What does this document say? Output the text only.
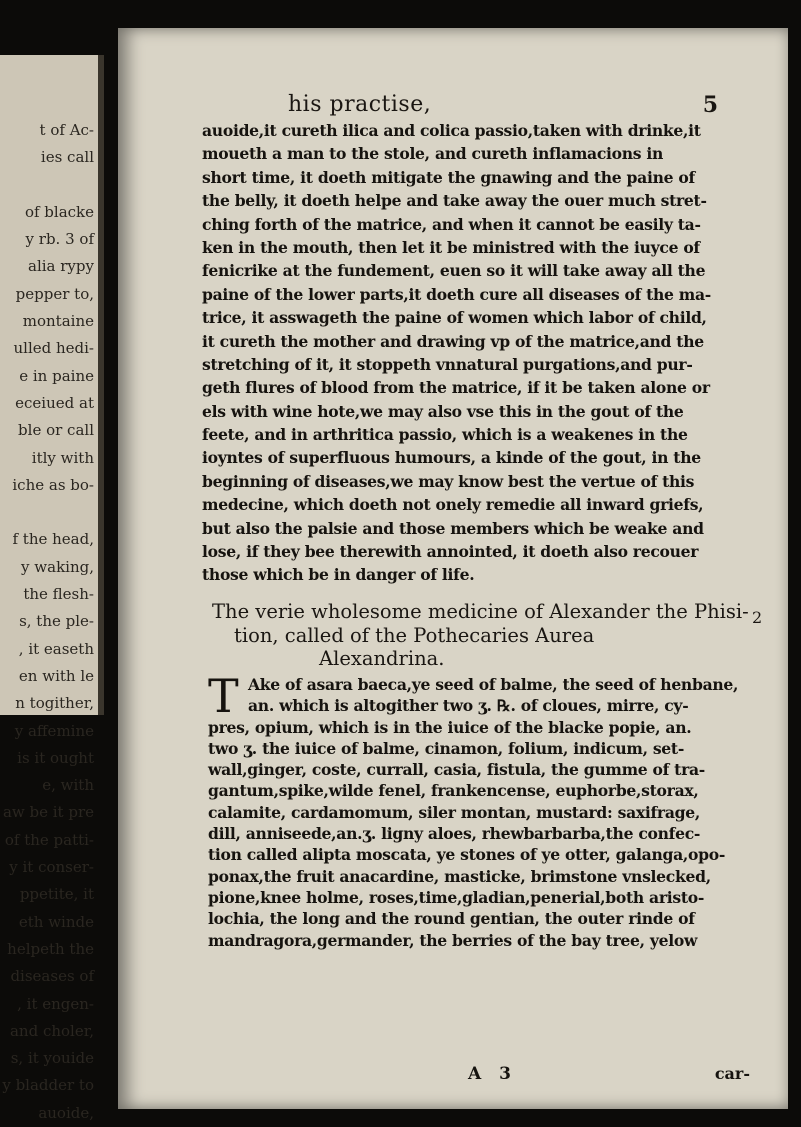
t of Ac-
ies call

of blacke
y rb. 3 of
alia rypy
pepper to,
montaine
ulled hedi-
e in paine
eceiued at
ble or call
itly with
iche as bo-

f the head,
y waking,
the flesh-
s, the ple-
, it easeth
en with le
n togither,
y affemine
is it ought
e, with
aw be it pre
of the patti-
y it conser-
ppetite, it
eth winde
helpeth the
diseases of
, it engen-
and choler,
s, it youide
y bladder to
auoide,
his practise,	5
auoide,it cureth ilica and colica passio,taken with drinke,it
moueth a man to the stole, and cureth inflamacions in
short time, it doeth mitigate the gnawing and the paine of
the belly, it doeth helpe and take away the ouer much stret-
ching forth of the matrice, and when it cannot be easily ta-
ken in the mouth, then let it be ministred with the iuyce of
fenicrike at the fundement, euen so it will take away all the
paine of the lower parts,it doeth cure all diseases of the ma-
trice, it asswageth the paine of women which labor of child,
it cureth the mother and drawing vp of the matrice,and the
stretching of it, it stoppeth vnnatural purgations,and pur-
geth flures of blood from the matrice, if it be taken alone or
els with wine hote,we may also vse this in the gout of the
feete, and in arthritica passio, which is a weakenes in the
ioyntes of superfluous humours, a kinde of the gout, in the
beginning of diseases,we may know best the vertue of this
medecine, which doeth not onely remedie all inward griefs,
but also the palsie and those members which be weake and
lose, if they bee therewith annointed, it doeth also recouer
those which be in danger of life.
The verie wholesome medicine of Alexander the Phisi-
tion, called of the Pothecaries Aurea
Alexandrina.
2
T Ake of asara baeca,ye seed of balme, the seed of henbane,
an. which is altogither two ʒ. ℞. of cloues, mirre, cy-
pres, opium, which is in the iuice of the blacke popie, an.
two ʒ. the iuice of balme, cinamon, folium, indicum, set-
wall,ginger, coste, currall, casia, fistula, the gumme of tra-
gantum,spike,wilde fenel, frankencense, euphorbe,storax,
calamite, cardamomum, siler montan, mustard: saxifrage,
dill, anniseede,an.ʒ. ligny aloes, rhewbarbarba,the confec-
tion called alipta moscata, ye stones of ye otter, galanga,opo-
ponax,the fruit anacardine, masticke, brimstone vnslecked,
pione,knee holme, roses,time,gladian,penerial,both aristo-
lochia, the long and the round gentian, the outer rinde of
mandragora,germander, the berries of the bay tree, yelow
A 3	car-
